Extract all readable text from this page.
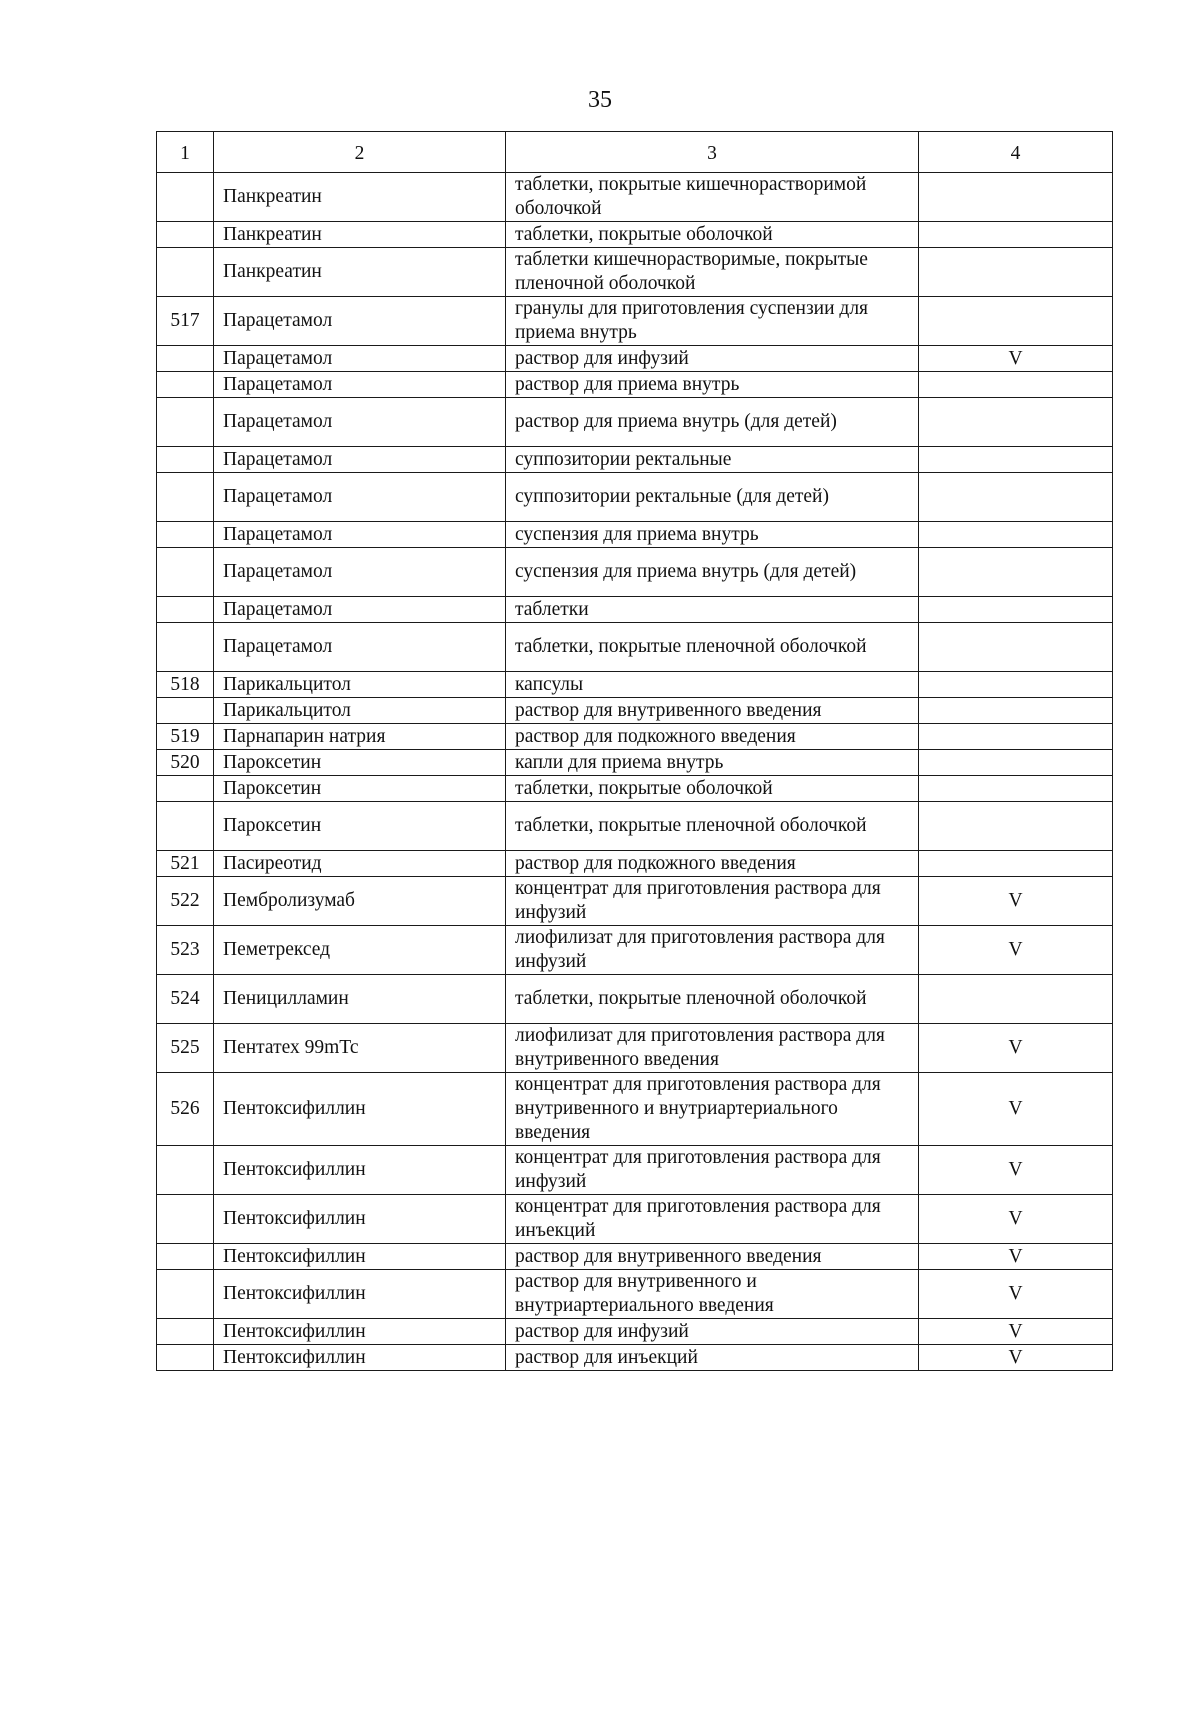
35
1	2	3	4
	Панкреатин	таблетки, покрытые кишечнорастворимой оболочкой	
	Панкреатин	таблетки, покрытые оболочкой	
	Панкреатин	таблетки кишечнорастворимые, покрытые пленочной оболочкой	
517	Парацетамол	гранулы для приготовления суспензии для приема внутрь	
	Парацетамол	раствор для инфузий	V
	Парацетамол	раствор для приема внутрь	
	Парацетамол	раствор для приема внутрь (для детей)	
	Парацетамол	суппозитории ректальные	
	Парацетамол	суппозитории ректальные (для детей)	
	Парацетамол	суспензия для приема внутрь	
	Парацетамол	суспензия для приема внутрь (для детей)	
	Парацетамол	таблетки	
	Парацетамол	таблетки, покрытые пленочной оболочкой	
518	Парикальцитол	капсулы	
	Парикальцитол	раствор для внутривенного введения	
519	Парнапарин натрия	раствор для подкожного введения	
520	Пароксетин	капли для приема внутрь	
	Пароксетин	таблетки, покрытые оболочкой	
	Пароксетин	таблетки, покрытые пленочной оболочкой	
521	Пасиреотид	раствор для подкожного введения	
522	Пембролизумаб	концентрат для приготовления раствора для инфузий	V
523	Пеметрексед	лиофилизат для приготовления раствора для инфузий	V
524	Пеницилламин	таблетки, покрытые пленочной оболочкой	
525	Пентатех 99mTc	лиофилизат для приготовления раствора для внутривенного введения	V
526	Пентоксифиллин	концентрат для приготовления раствора для внутривенного и внутриартериального введения	V
	Пентоксифиллин	концентрат для приготовления раствора для инфузий	V
	Пентоксифиллин	концентрат для приготовления раствора для инъекций	V
	Пентоксифиллин	раствор для внутривенного введения	V
	Пентоксифиллин	раствор для внутривенного и внутриартериального введения	V
	Пентоксифиллин	раствор для инфузий	V
	Пентоксифиллин	раствор для инъекций	V
